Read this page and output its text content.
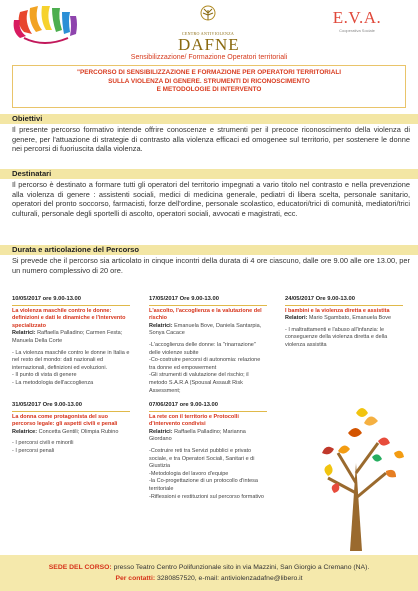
CENTRO ANTIVIOLENZA
DAFNE
E.V.A.
Cooperativa Sociale
Sensibilizzazione/ Formazione Operatori territoriali
"PERCORSO DI SENSIBILIZZAZIONE E FORMAZIONE PER OPERATORI TERRITORIALI
SULLA VIOLENZA DI GENERE. STRUMENTI DI RICONOSCIMENTO
E METODOLOGIE DI INTERVENTO
Obiettivi
Il presente percorso formativo intende offrire conoscenze e strumenti per il precoce riconoscimento della violenza di genere, per l'attuazione di strategie di contrasto alla violenza efficaci ed omogenee sul territorio, per sostenere le donne nei percorsi di fuoriuscita dalla violenza.
Destinatari
Il percorso è destinato a formare tutti gli operatori del territorio impegnati a vario titolo nel contrasto e nella prevenzione alla violenza di genere : assistenti sociali, medici di medicina generale, pediatri di libera scelta, personale sanitario, operatori del pronto soccorso, farmacisti, forze dell'ordine, personale scolastico, educatori/trici di comunità, mediatori/trici culturali, personale degli sportelli di ascolto, operatori sociali, avvocati e magistrati, ecc.
Durata e articolazione del Percorso
Si prevede che il percorso sia articolato in cinque incontri della durata di 4 ore ciascuno, dalle ore 9.00 alle ore 13.00, per un numero complessivo di 20 ore.
10/05/2017 ore 9.00-13.00
La violenza maschile contro le donne: definizioni e dati le dinamiche e l'intervento specializzato
Relatrici: Raffaella Palladino; Carmen Festa; Manuela Della Corte
- La violenza maschile contro le donne in Italia e nel resto del mondo: dati nazionali ed internazionali, definizioni ed evoluzioni.
- Il punto di vista di genere
- La metodologia dell'accoglienza
17/05/2017 Ore 9.00-13.00
L'ascolto, l'accoglienza e la valutazione del rischio
Relatrici: Emanuela Bove, Daniela Santarpia, Sonya Cacace
-L'accoglienza delle donne: la "rinarrazione" delle violenze subite
-Co-costruire percorsi di autonomia: relazione tra donne ed empowerment
-Gli strumenti di valutazione del rischio; il metodo S.A.R.A (Spousal Assault Risk Assessment;
24/05/2017 Ore 9.00-13.00
I bambini e la violenza diretta e assistita
Relatori: Mario Sgambato, Emanuela Bove
- I maltrattamenti e l'abuso all'infanzia: le conseguenze della violenza diretta e della violenza assistita
31/05/2017 Ore 9.00-13.00
La donna come protagonista del suo percorso legale: gli aspetti civili e penali
Relatrice: Concetta Gentili; Olimpia Rubino
- I percorsi civili e minorili
- I percorsi penali
07/06/2017 ore 9.00-13.00
La rete con il territorio e Protocolli d'intervento condivisi
Relatrici: Raffaella Palladino; Marianna Giordano
-Costruire reti tra Servizi pubblici e privato sociale, e tra Operatori Sociali, Sanitari e di Giustizia
-Metodologia del lavoro d'equipe
-la Co-progettazione di un protocollo d'intesa territoriale
-Riflessioni e restituzioni sul percorso formativo
SEDE DEL CORSO: presso Teatro Centro Polifunzionale sito in via Mazzini, San Giorgio a Cremano (NA).
Per contatti: 3280857520, e-mail: antiviolenzadafne@libero.it
